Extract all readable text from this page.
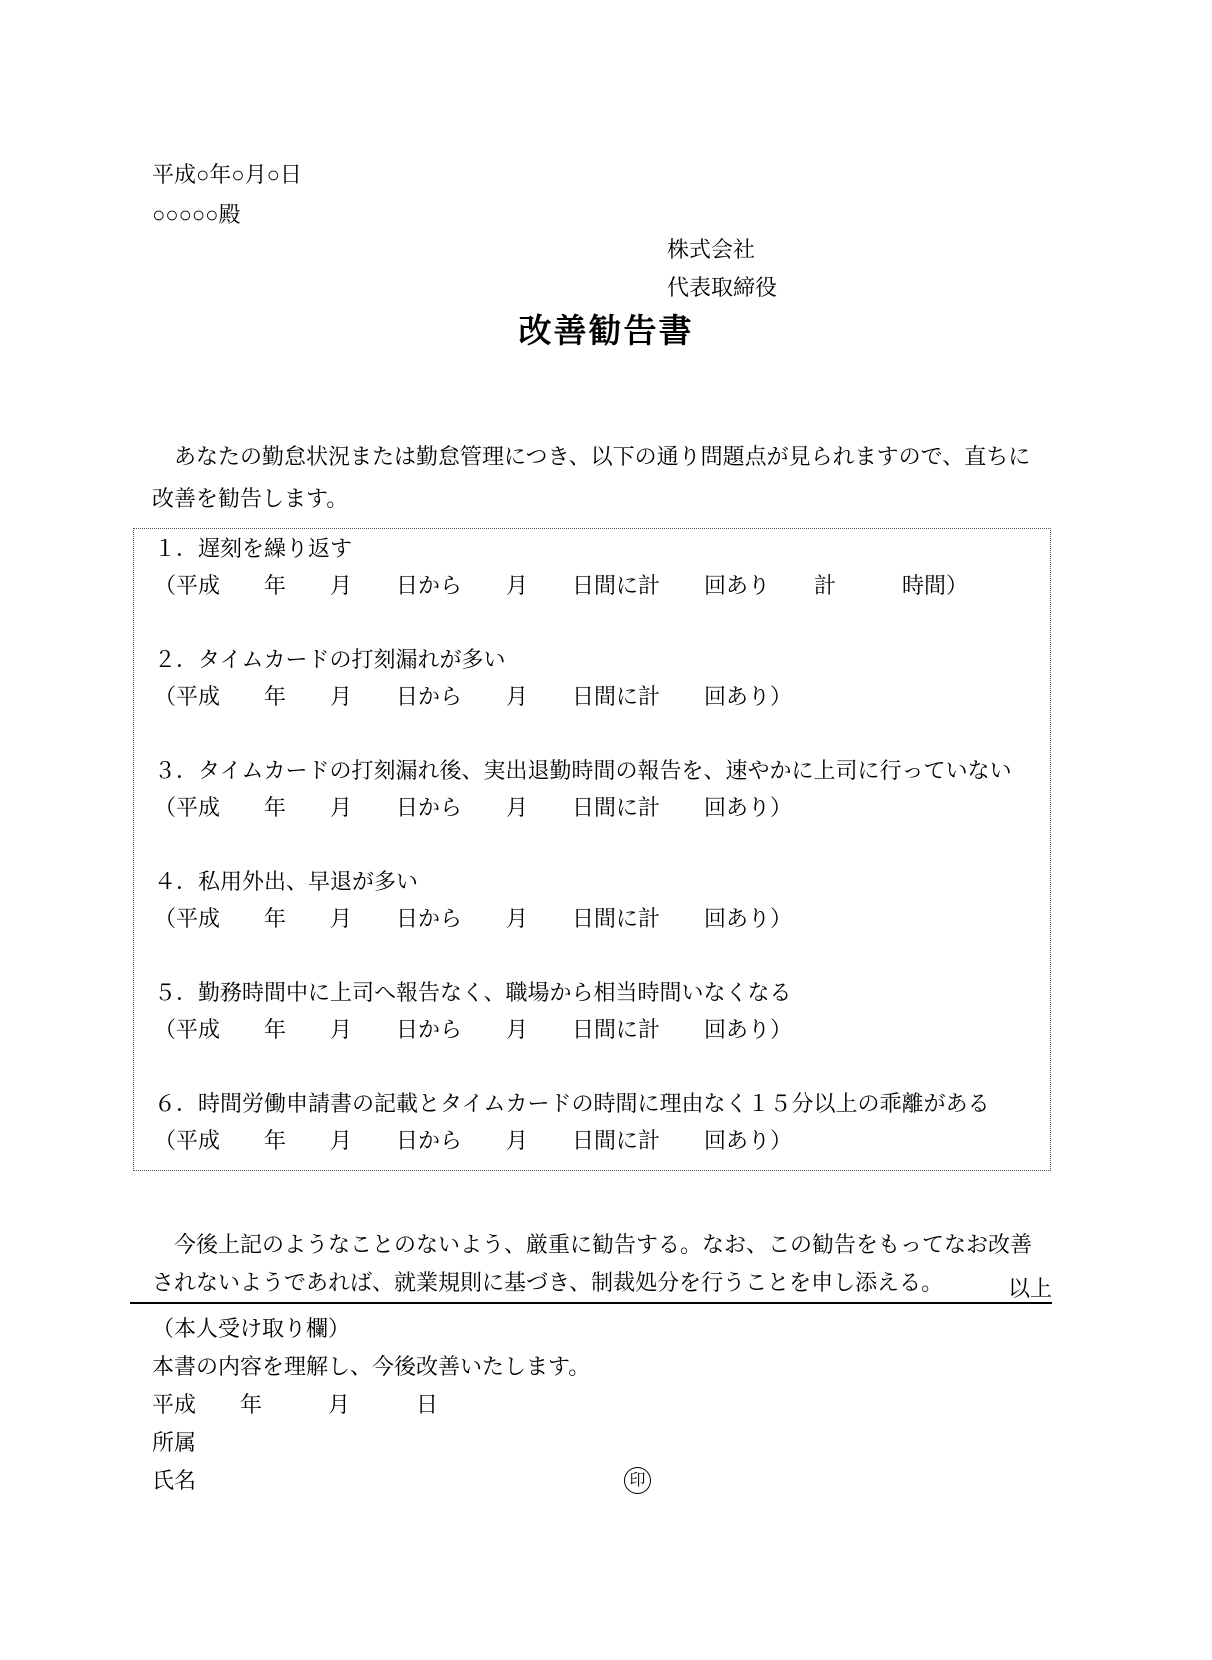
平成○年○月○日
○○○○○殿
株式会社
代表取締役
改善勧告書

　あなたの勤怠状況または勤怠管理につき、以下の通り問題点が見られますので、直ちに
改善を勧告します。

１．遅刻を繰り返す
（平成　　年　　月　　日から　　月　　日間に計　　回あり　　計　　　時間）
２．タイムカードの打刻漏れが多い
（平成　　年　　月　　日から　　月　　日間に計　　回あり）
３．タイムカードの打刻漏れ後、実出退勤時間の報告を、速やかに上司に行っていない
（平成　　年　　月　　日から　　月　　日間に計　　回あり）
４．私用外出、早退が多い
（平成　　年　　月　　日から　　月　　日間に計　　回あり）
５．勤務時間中に上司へ報告なく、職場から相当時間いなくなる
（平成　　年　　月　　日から　　月　　日間に計　　回あり）
６．時間労働申請書の記載とタイムカードの時間に理由なく１５分以上の乖離がある
（平成　　年　　月　　日から　　月　　日間に計　　回あり）

　今後上記のようなことのないよう、厳重に勧告する。なお、この勧告をもってなお改善
されないようであれば、就業規則に基づき、制裁処分を行うことを申し添える。	以上
（本人受け取り欄）
本書の内容を理解し、今後改善いたします。
平成　　年　　　月　　　日
所属
氏名	印
